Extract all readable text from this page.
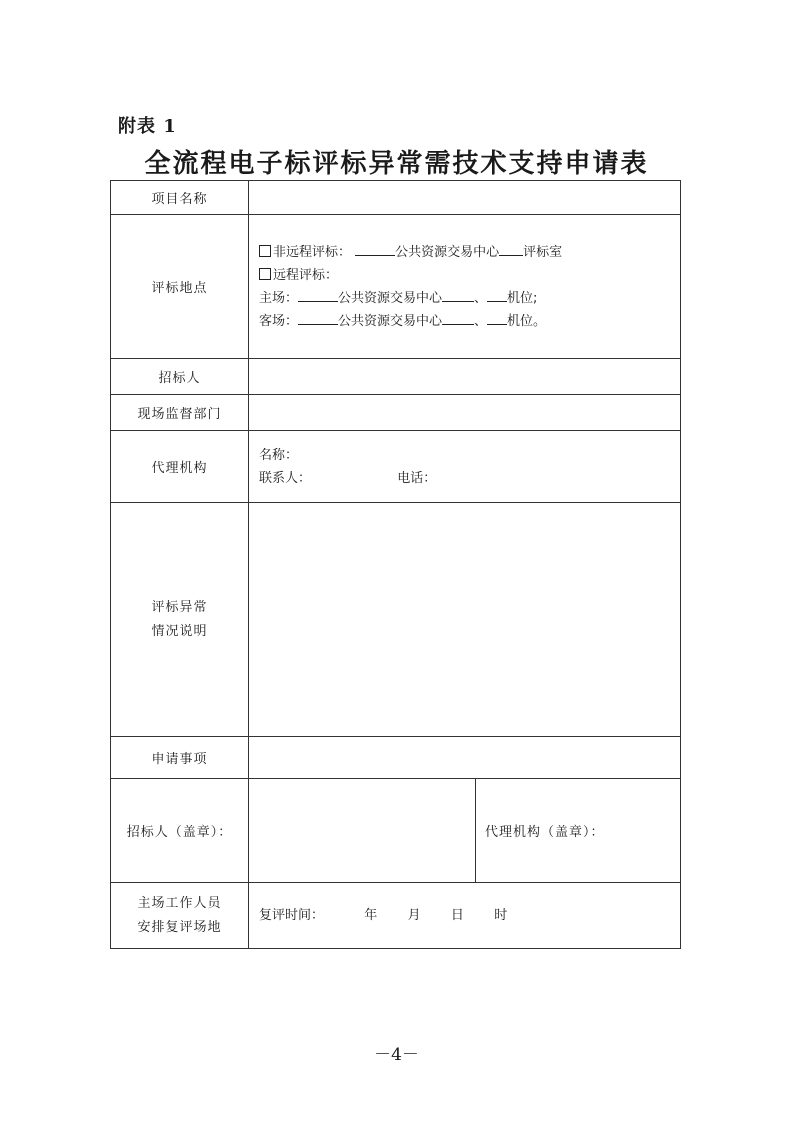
附表 1
全流程电子标评标异常需技术支持申请表
项目名称	
评标地点	非远程评标： 公共资源交易中心 评标室
远程评标：
主场： 公共资源交易中心 、 机位;
客场： 公共资源交易中心 、 机位。

招标人	
现场监督部门	
代理机构	名称：
联系人： 电话：

评标异常
情况说明	

申请事项	
招标人（盖章）：	代理机构（盖章）：

主场工作人员
安排复评场地	复评时间： 年 月 日 时
－4－
